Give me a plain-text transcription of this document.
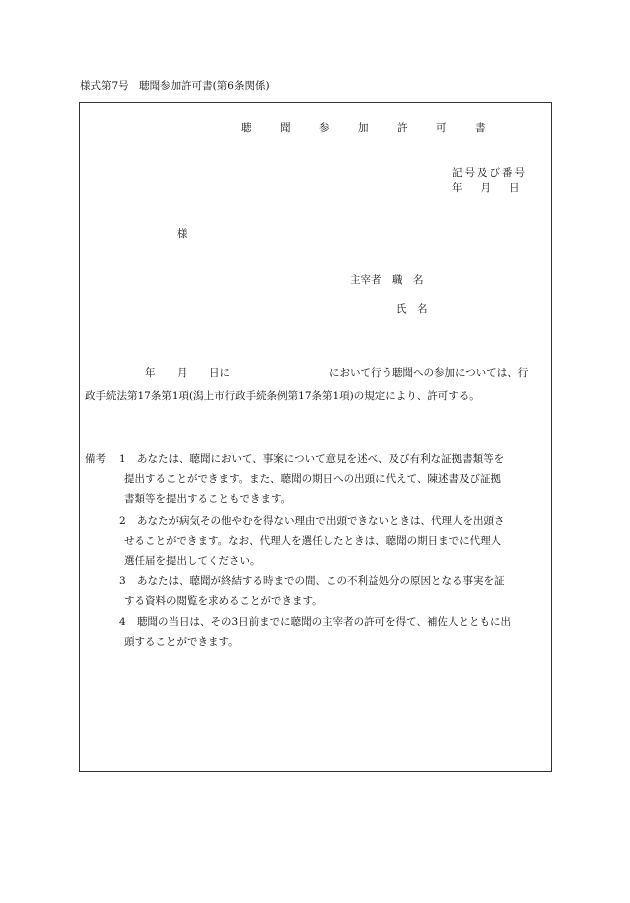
様式第7号　聴聞参加許可書(第6条関係)
聴　聞　参　加　許　可　書
記号及び番号
年 月 日
様
主宰者　職　名
氏　名
年 月 日に	において行う聴聞への参加については、行
政手続法第17条第1項(潟上市行政手続条例第17条第1項)の規定により、許可する。
備考 1 あなたは、聴聞において、事案について意見を述べ、及び有利な証拠書類等を
提出することができます。また、聴聞の期日への出頭に代えて、陳述書及び証拠
書類等を提出することもできます。
2 あなたが病気その他やむを得ない理由で出頭できないときは、代理人を出頭さ
せることができます。なお、代理人を選任したときは、聴聞の期日までに代理人
選任届を提出してください。
3 あなたは、聴聞が終結する時までの間、この不利益処分の原因となる事実を証
する資料の閲覧を求めることができます。
4 聴聞の当日は、その3日前までに聴聞の主宰者の許可を得て、補佐人とともに出
頭することができます。
